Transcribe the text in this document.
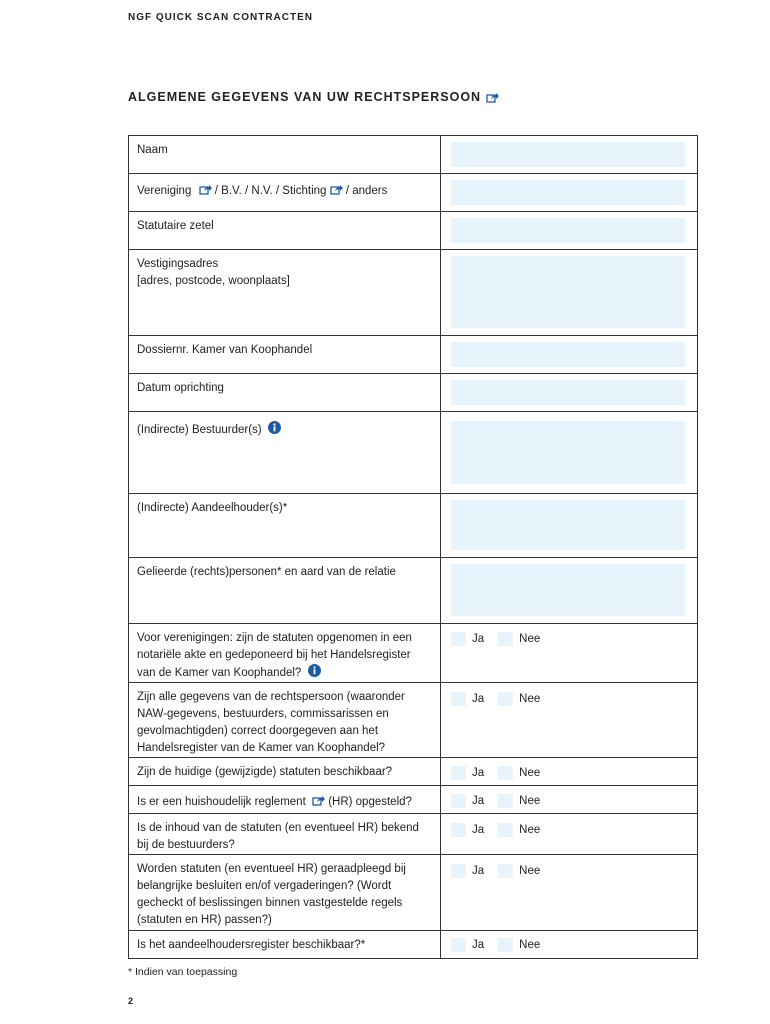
NGF QUICK SCAN CONTRACTEN
ALGEMENE GEGEVENS VAN UW RECHTSPERSOON
Naam	

Vereniging  / B.V. / N.V. / Stichting  / anders	

Statutaire zetel	

Vestigingsadres
[adres, postcode, woonplaats]	

Dossiernr. Kamer van Koophandel	

Datum oprichting	

(Indirecte) Bestuurder(s)	

(Indirecte) Aandeelhouder(s)*	

Gelieerde (rechts)personen* en aard van de relatie	

Voor verenigingen: zijn de statuten opgenomen in een notariële akte en gedeponeerd bij het Handelsregister van de Kamer van Koophandel?	Ja Nee

Zijn alle gegevens van de rechtspersoon (waaronder NAW-gegevens, bestuurders, commissarissen en gevolmachtigden) correct doorgegeven aan het Handelsregister van de Kamer van Koophandel?	Ja Nee

Zijn de huidige (gewijzigde) statuten beschikbaar?	Ja Nee

Is er een huishoudelijk reglement  (HR) opgesteld?	Ja Nee

Is de inhoud van de statuten (en eventueel HR) bekend bij de bestuurders?	Ja Nee

Worden statuten (en eventueel HR) geraadpleegd bij belangrijke besluiten en/of vergaderingen? (Wordt gecheckt of beslissingen binnen vastgestelde regels (statuten en HR) passen?)	Ja Nee

Is het aandeelhoudersregister beschikbaar?*	Ja Nee
* Indien van toepassing
2
